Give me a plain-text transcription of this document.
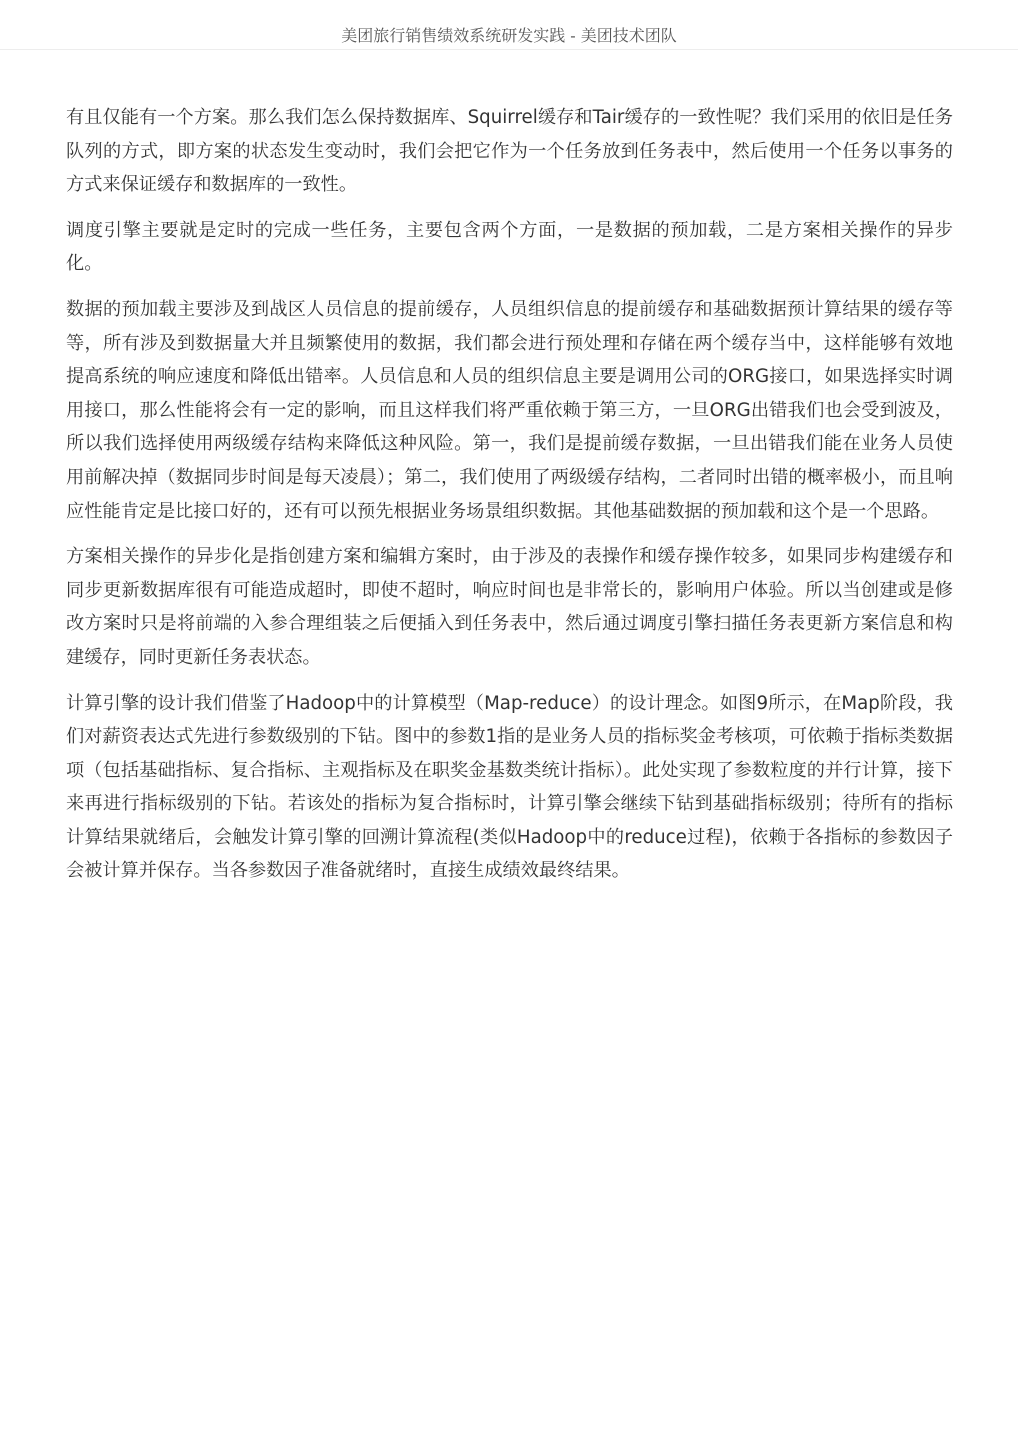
美团旅行销售绩效系统研发实践 - 美团技术团队

有且仅能有一个方案。那么我们怎么保持数据库、Squirrel缓存和Tair缓存的一致性呢？我们采用的依旧是任务队列的方式，即方案的状态发生变动时，我们会把它作为一个任务放到任务表中，然后使用一个任务以事务的方式来保证缓存和数据库的一致性。

调度引擎主要就是定时的完成一些任务，主要包含两个方面，一是数据的预加载，二是方案相关操作的异步化。

数据的预加载主要涉及到战区人员信息的提前缓存，人员组织信息的提前缓存和基础数据预计算结果的缓存等等，所有涉及到数据量大并且频繁使用的数据，我们都会进行预处理和存储在两个缓存当中，这样能够有效地提高系统的响应速度和降低出错率。人员信息和人员的组织信息主要是调用公司的ORG接口，如果选择实时调用接口，那么性能将会有一定的影响，而且这样我们将严重依赖于第三方，一旦ORG出错我们也会受到波及，所以我们选择使用两级缓存结构来降低这种风险。第一，我们是提前缓存数据，一旦出错我们能在业务人员使用前解决掉（数据同步时间是每天凌晨）；第二，我们使用了两级缓存结构，二者同时出错的概率极小，而且响应性能肯定是比接口好的，还有可以预先根据业务场景组织数据。其他基础数据的预加载和这个是一个思路。

方案相关操作的异步化是指创建方案和编辑方案时，由于涉及的表操作和缓存操作较多，如果同步构建缓存和同步更新数据库很有可能造成超时，即使不超时，响应时间也是非常长的，影响用户体验。所以当创建或是修改方案时只是将前端的入参合理组装之后便插入到任务表中，然后通过调度引擎扫描任务表更新方案信息和构建缓存，同时更新任务表状态。

计算引擎的设计我们借鉴了Hadoop中的计算模型（Map-reduce）的设计理念。如图9所示，在Map阶段，我们对薪资表达式先进行参数级别的下钻。图中的参数1指的是业务人员的指标奖金考核项，可依赖于指标类数据项（包括基础指标、复合指标、主观指标及在职奖金基数类统计指标）。此处实现了参数粒度的并行计算，接下来再进行指标级别的下钻。若该处的指标为复合指标时，计算引擎会继续下钻到基础指标级别；待所有的指标计算结果就绪后，会触发计算引擎的回溯计算流程(类似Hadoop中的reduce过程)，依赖于各指标的参数因子会被计算并保存。当各参数因子准备就绪时，直接生成绩效最终结果。
